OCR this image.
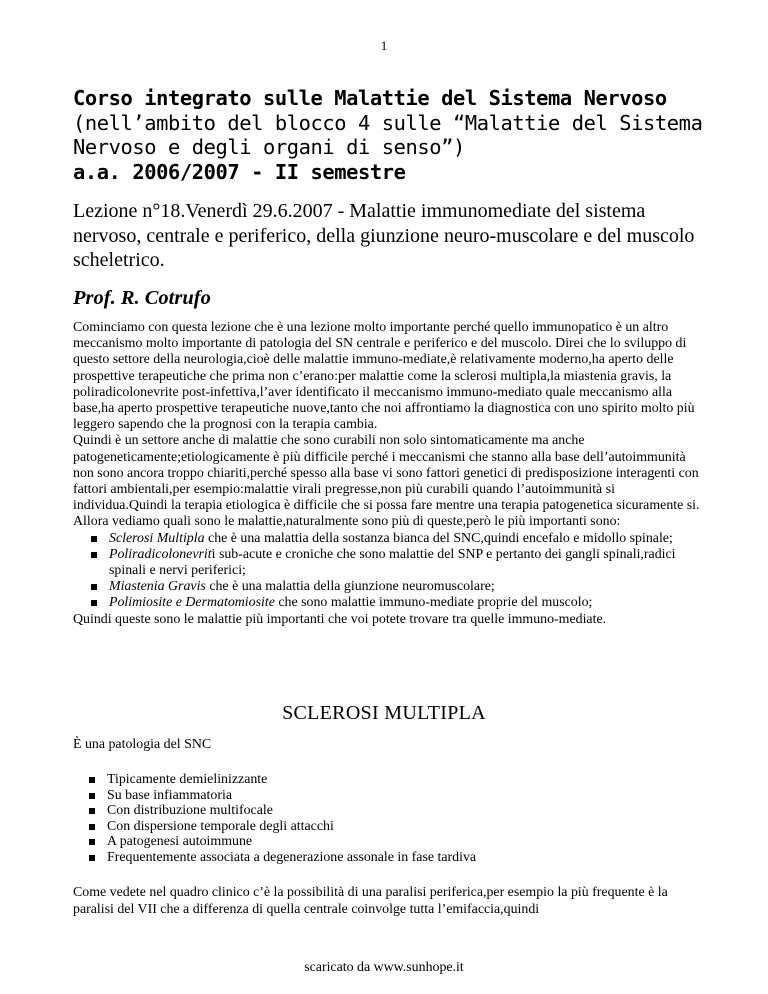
1
Corso integrato sulle Malattie del Sistema Nervoso
(nell’ambito del blocco 4 sulle “Malattie del Sistema
Nervoso e degli organi di senso”)
a.a. 2006/2007 - II semestre
Lezione n°18.Venerdì 29.6.2007 - Malattie immunomediate del sistema nervoso, centrale e periferico, della giunzione neuro-muscolare e del muscolo scheletrico.
Prof. R. Cotrufo

Cominciamo con questa lezione che è una lezione molto importante perché quello immunopatico è un altro meccanismo molto importante di patologia del SN centrale e periferico e del muscolo. Direi che lo sviluppo di questo settore della neurologia,cioè delle malattie immuno-mediate,è relativamente moderno,ha aperto delle prospettive terapeutiche che prima non c’erano:per malattie come la sclerosi multipla,la miastenia gravis, la poliradicolonevrite post-infettiva,l’aver identificato il meccanismo immuno-mediato quale meccanismo alla base,ha aperto prospettive terapeutiche nuove,tanto che noi affrontiamo la diagnostica con uno spirito molto più leggero sapendo che la prognosi con la terapia cambia.

Quindi è un settore anche di malattie che sono curabili non solo sintomaticamente ma anche patogeneticamente;etiologicamente è più difficile perché i meccanismi che stanno alla base dell’autoimmunità non sono ancora troppo chiariti,perché spesso alla base vi sono fattori genetici di predisposizione interagenti con fattori ambientali,per esempio:malattie virali pregresse,non più curabili quando l’autoimmunità si individua.Quindi la terapia etiologica è difficile che si possa fare mentre una terapia patogenetica sicuramente si.

Allora vediamo quali sono le malattie,naturalmente sono più di queste,però le più importanti sono:

Sclerosi Multipla che è una malattia della sostanza bianca del SNC,quindi encefalo e midollo spinale;
Poliradicolonevriti sub-acute e croniche che sono malattie del SNP e pertanto dei gangli spinali,radici spinali e nervi periferici;
Miastenia Gravis che è una malattia della giunzione neuromuscolare;
Polimiosite e Dermatomiosite che sono malattie immuno-mediate proprie del muscolo;

Quindi queste sono le malattie più importanti che voi potete trovare tra quelle immuno-mediate.

SCLEROSI MULTIPLA
È una patologia del SNC
Tipicamente demielinizzante
Su base infiammatoria
Con distribuzione multifocale
Con dispersione temporale degli attacchi
A patogenesi autoimmune
Frequentemente associata a degenerazione assonale in fase tardiva
Come vedete nel quadro clinico c’è la possibilità di una paralisi periferica,per esempio la più frequente è la paralisi del VII che a differenza di quella centrale coinvolge tutta l’emifaccia,quindi
scaricato da www.sunhope.it
